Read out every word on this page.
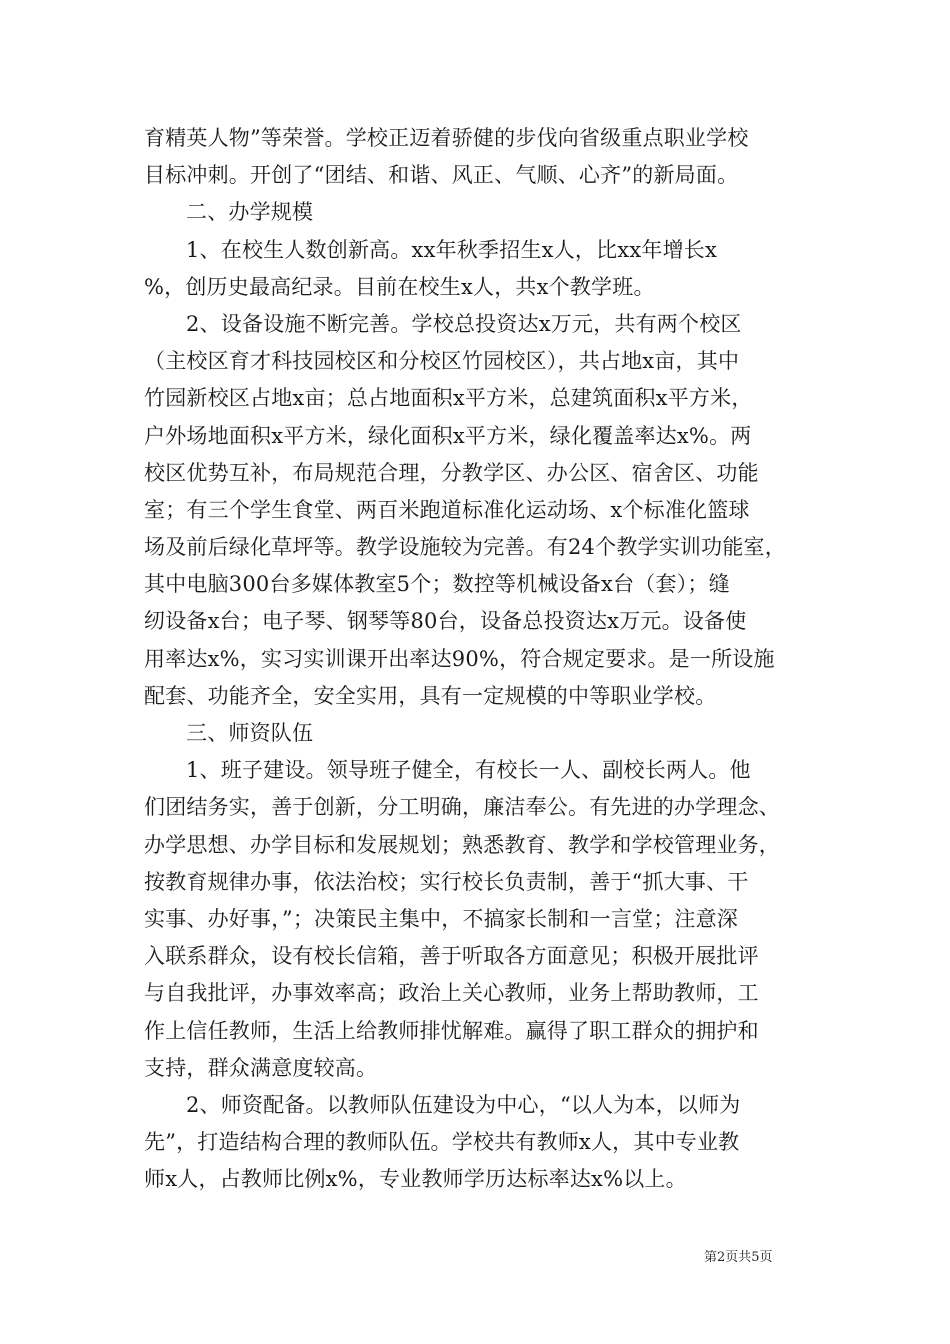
育精英人物”等荣誉。学校正迈着骄健的步伐向省级重点职业学校
目标冲刺。开创了“团结、和谐、风正、气顺、心齐”的新局面。
二、办学规模
1、在校生人数创新高。xx年秋季招生x人，比xx年增长x
%，创历史最高纪录。目前在校生x人，共x个教学班。
2、设备设施不断完善。学校总投资达x万元，共有两个校区
（主校区育才科技园校区和分校区竹园校区），共占地x亩，其中
竹园新校区占地x亩；总占地面积x平方米，总建筑面积x平方米，
户外场地面积x平方米，绿化面积x平方米，绿化覆盖率达x%。两
校区优势互补，布局规范合理，分教学区、办公区、宿舍区、功能
室；有三个学生食堂、两百米跑道标准化运动场、x个标准化篮球
场及前后绿化草坪等。教学设施较为完善。有24个教学实训功能室，
其中电脑300台多媒体教室5个；数控等机械设备x台（套）；缝
纫设备x台；电子琴、钢琴等80台，设备总投资达x万元。设备使
用率达x%，实习实训课开出率达90%，符合规定要求。是一所设施
配套、功能齐全，安全实用，具有一定规模的中等职业学校。
三、师资队伍
1、班子建设。领导班子健全，有校长一人、副校长两人。他
们团结务实，善于创新，分工明确，廉洁奉公。有先进的办学理念、
办学思想、办学目标和发展规划；熟悉教育、教学和学校管理业务，
按教育规律办事，依法治校；实行校长负责制，善于“抓大事、干
实事、办好事，”；决策民主集中，不搞家长制和一言堂；注意深
入联系群众，设有校长信箱，善于听取各方面意见；积极开展批评
与自我批评，办事效率高；政治上关心教师，业务上帮助教师，工
作上信任教师，生活上给教师排忧解难。赢得了职工群众的拥护和
支持，群众满意度较高。
2、师资配备。以教师队伍建设为中心，“以人为本，以师为
先”，打造结构合理的教师队伍。学校共有教师x人，其中专业教
师x人，占教师比例x%，专业教师学历达标率达x%以上。
第2页共5页
